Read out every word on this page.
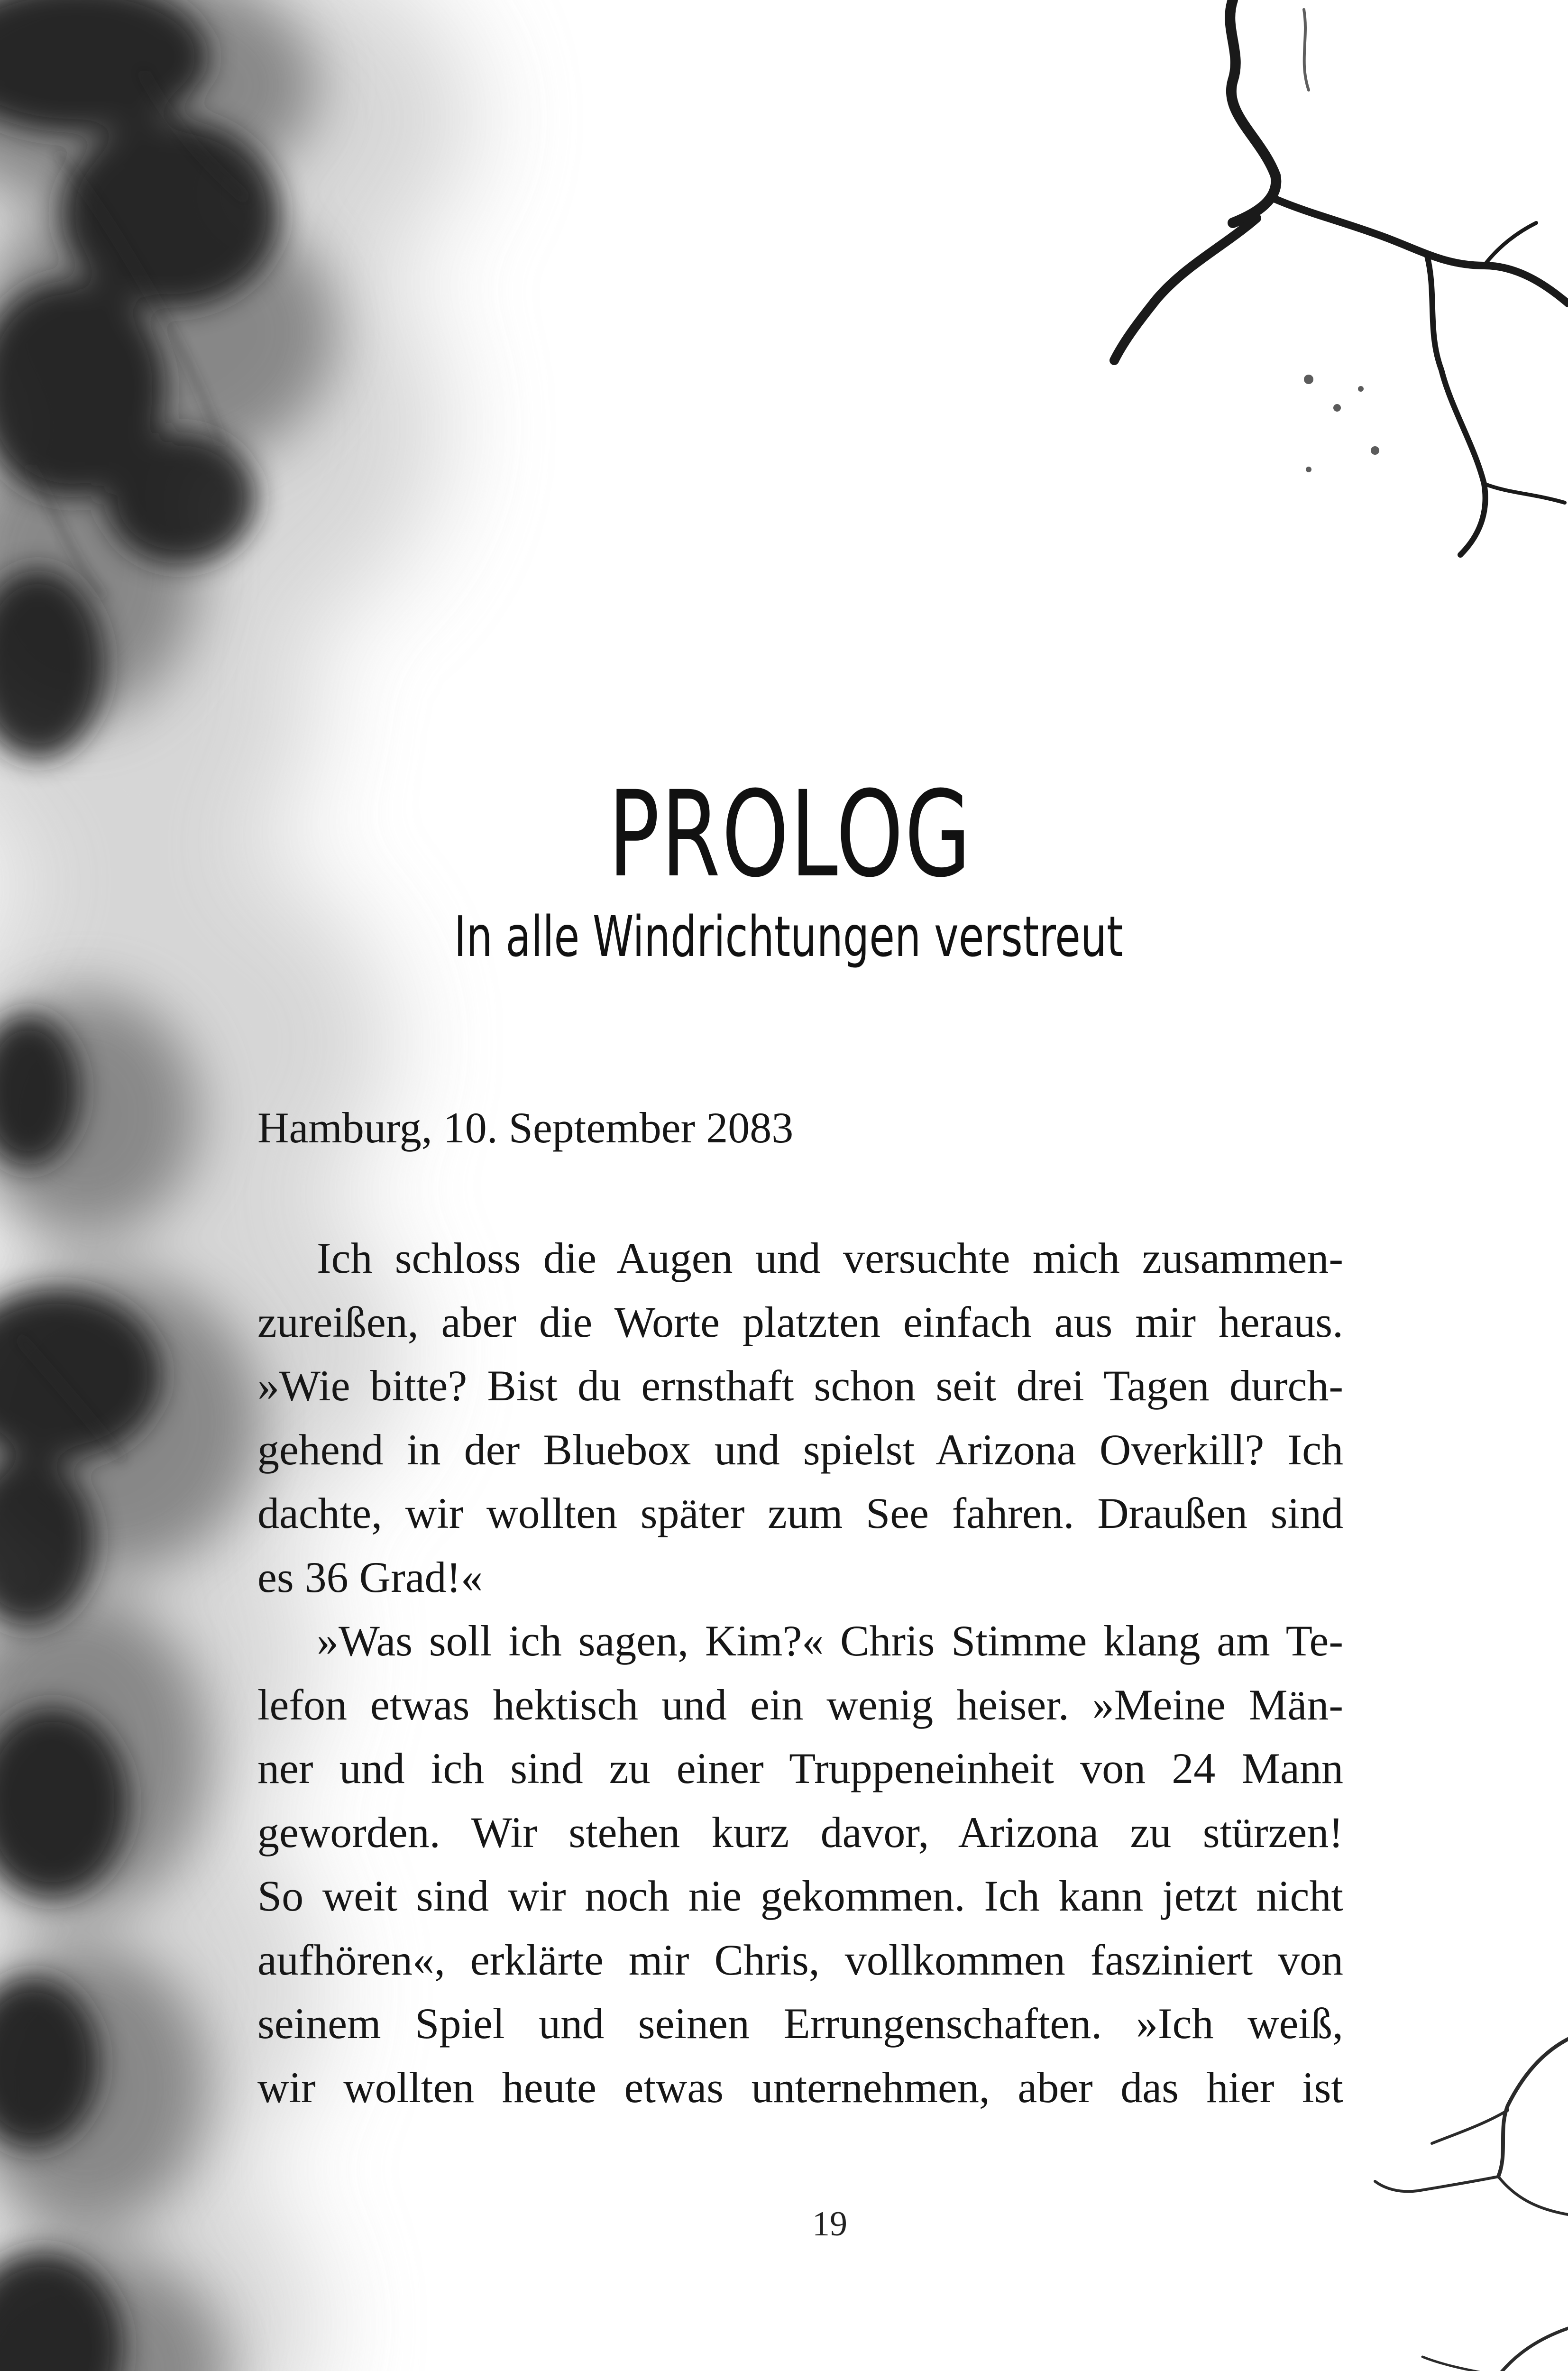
PROLOG
In alle Windrichtungen verstreut
Hamburg, 10. September 2083
Ich schloss die Augen und versuchte mich zusammen-
zureißen, aber die Worte platzten einfach aus mir heraus.
»Wie bitte? Bist du ernsthaft schon seit drei Tagen durch-
gehend in der Bluebox und spielst Arizona Overkill? Ich
dachte, wir wollten später zum See fahren. Draußen sind
es 36 Grad!«
»Was soll ich sagen, Kim?« Chris Stimme klang am Te-
lefon etwas hektisch und ein wenig heiser. »Meine Män-
ner und ich sind zu einer Truppeneinheit von 24 Mann
geworden. Wir stehen kurz davor, Arizona zu stürzen!
So weit sind wir noch nie gekommen. Ich kann jetzt nicht
aufhören«, erklärte mir Chris, vollkommen fasziniert von
seinem Spiel und seinen Errungenschaften. »Ich weiß,
wir wollten heute etwas unternehmen, aber das hier ist
19
